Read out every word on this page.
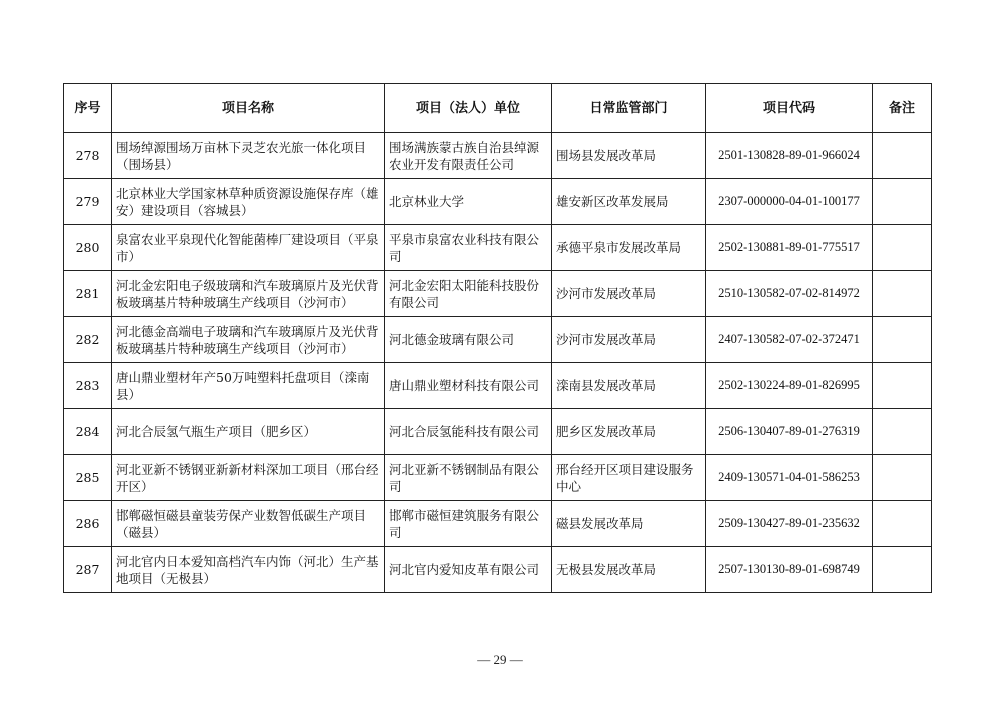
序号	项目名称	项目（法人）单位	日常监管部门	项目代码	备注
278	围场绰源围场万亩林下灵芝农光旅一体化项目（围场县）	围场满族蒙古族自治县绰源农业开发有限责任公司	围场县发展改革局	2501-130828-89-01-966024	
279	北京林业大学国家林草种质资源设施保存库（雄安）建设项目（容城县）	北京林业大学	雄安新区改革发展局	2307-000000-04-01-100177	
280	泉富农业平泉现代化智能菌棒厂建设项目（平泉市）	平泉市泉富农业科技有限公司	承德平泉市发展改革局	2502-130881-89-01-775517	
281	河北金宏阳电子级玻璃和汽车玻璃原片及光伏背板玻璃基片特种玻璃生产线项目（沙河市）	河北金宏阳太阳能科技股份有限公司	沙河市发展改革局	2510-130582-07-02-814972	
282	河北德金高端电子玻璃和汽车玻璃原片及光伏背板玻璃基片特种玻璃生产线项目（沙河市）	河北德金玻璃有限公司	沙河市发展改革局	2407-130582-07-02-372471	
283	唐山鼎业塑材年产50万吨塑料托盘项目（滦南县）	唐山鼎业塑材科技有限公司	滦南县发展改革局	2502-130224-89-01-826995	
284	河北合辰氢气瓶生产项目（肥乡区）	河北合辰氢能科技有限公司	肥乡区发展改革局	2506-130407-89-01-276319	
285	河北亚新不锈钢亚新新材料深加工项目（邢台经开区）	河北亚新不锈钢制品有限公司	邢台经开区项目建设服务中心	2409-130571-04-01-586253	
286	邯郸磁恒磁县童装劳保产业数智低碳生产项目（磁县）	邯郸市磁恒建筑服务有限公司	磁县发展改革局	2509-130427-89-01-235632	
287	河北官内日本爱知高档汽车内饰（河北）生产基地项目（无极县）	河北官内爱知皮革有限公司	无极县发展改革局	2507-130130-89-01-698749	
— 29 —
